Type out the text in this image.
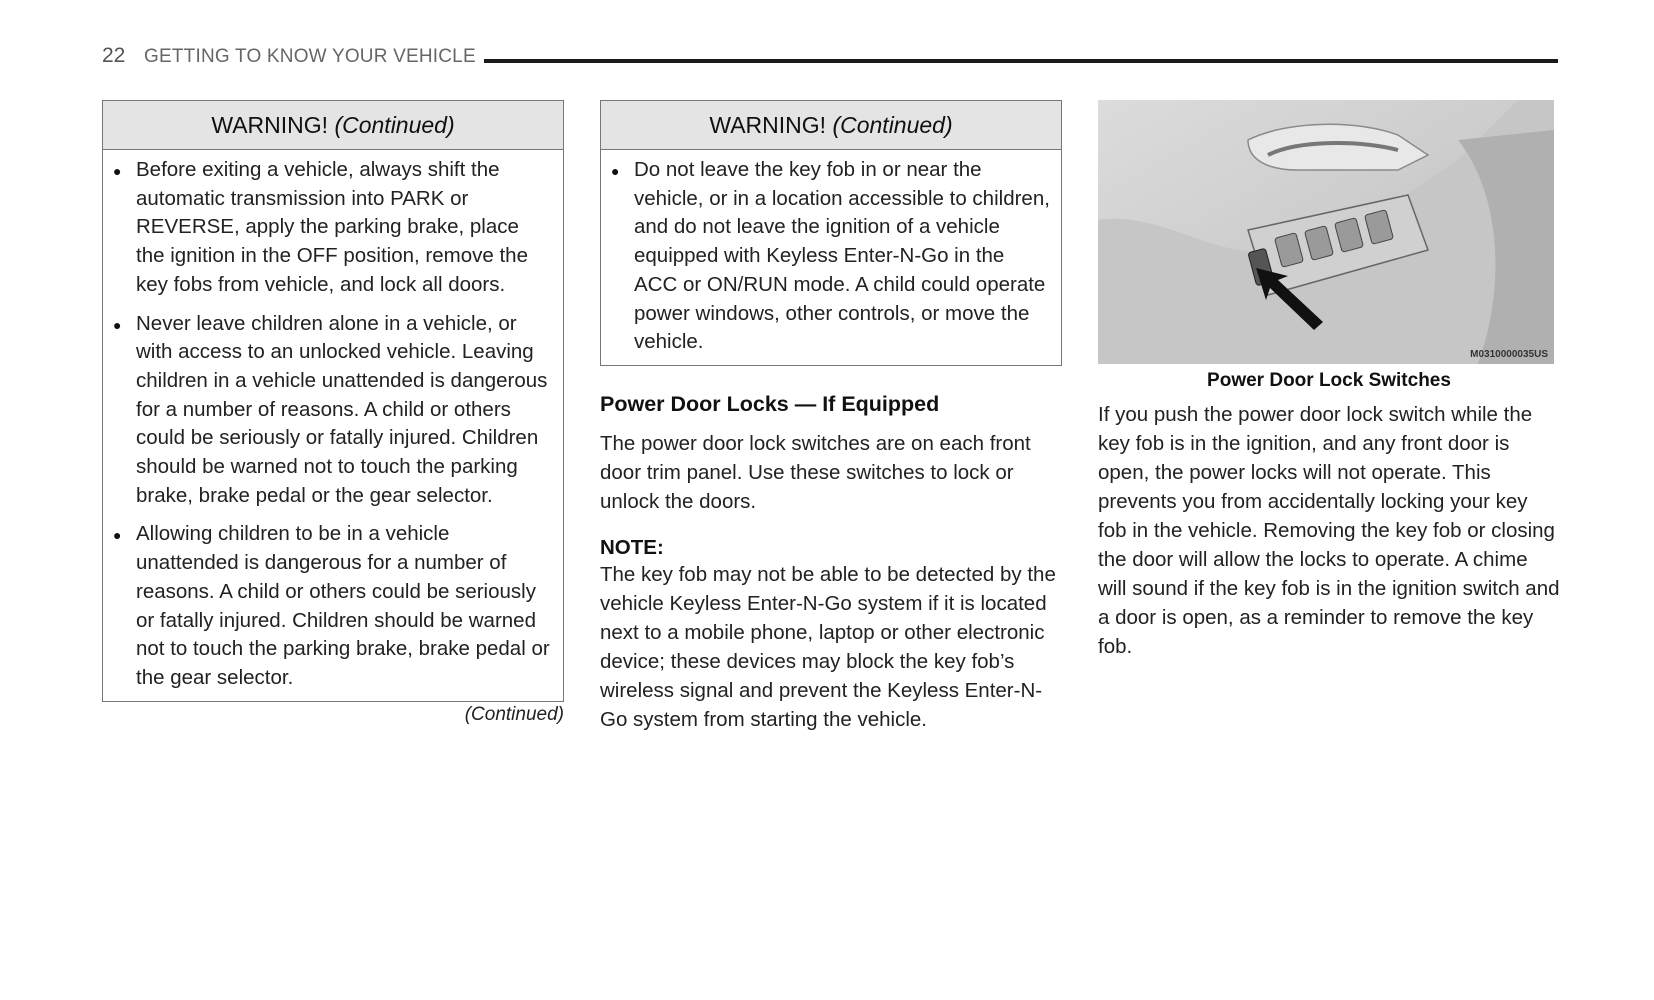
22 GETTING TO KNOW YOUR VEHICLE
WARNING! (Continued)
● Before exiting a vehicle, always shift the automatic transmission into PARK or REVERSE, apply the parking brake, place the ignition in the OFF position, remove the key fobs from vehicle, and lock all doors.
● Never leave children alone in a vehicle, or with access to an unlocked vehicle. Leaving children in a vehicle unattended is dangerous for a number of reasons. A child or others could be seriously or fatally injured. Children should be warned not to touch the parking brake, brake pedal or the gear selector.
● Allowing children to be in a vehicle unattended is dangerous for a number of reasons. A child or others could be seriously or fatally injured. Children should be warned not to touch the parking brake, brake pedal or the gear selector.
(Continued)
WARNING! (Continued)
● Do not leave the key fob in or near the vehicle, or in a location accessible to children, and do not leave the ignition of a vehicle equipped with Keyless Enter-N-Go in the ACC or ON/RUN mode. A child could operate power windows, other controls, or move the vehicle.
Power Door Locks — If Equipped

The power door lock switches are on each front door trim panel. Use these switches to lock or unlock the doors.

NOTE:

The key fob may not be able to be detected by the vehicle Keyless Enter-N-Go system if it is located next to a mobile phone, laptop or other electronic device; these devices may block the key fob’s wireless signal and prevent the Keyless Enter-N-Go system from starting the vehicle.

M0310000035US
Power Door Lock Switches

If you push the power door lock switch while the key fob is in the ignition, and any front door is open, the power locks will not operate. This prevents you from accidentally locking your key fob in the vehicle. Removing the key fob or closing the door will allow the locks to operate. A chime will sound if the key fob is in the ignition switch and a door is open, as a reminder to remove the key fob.
